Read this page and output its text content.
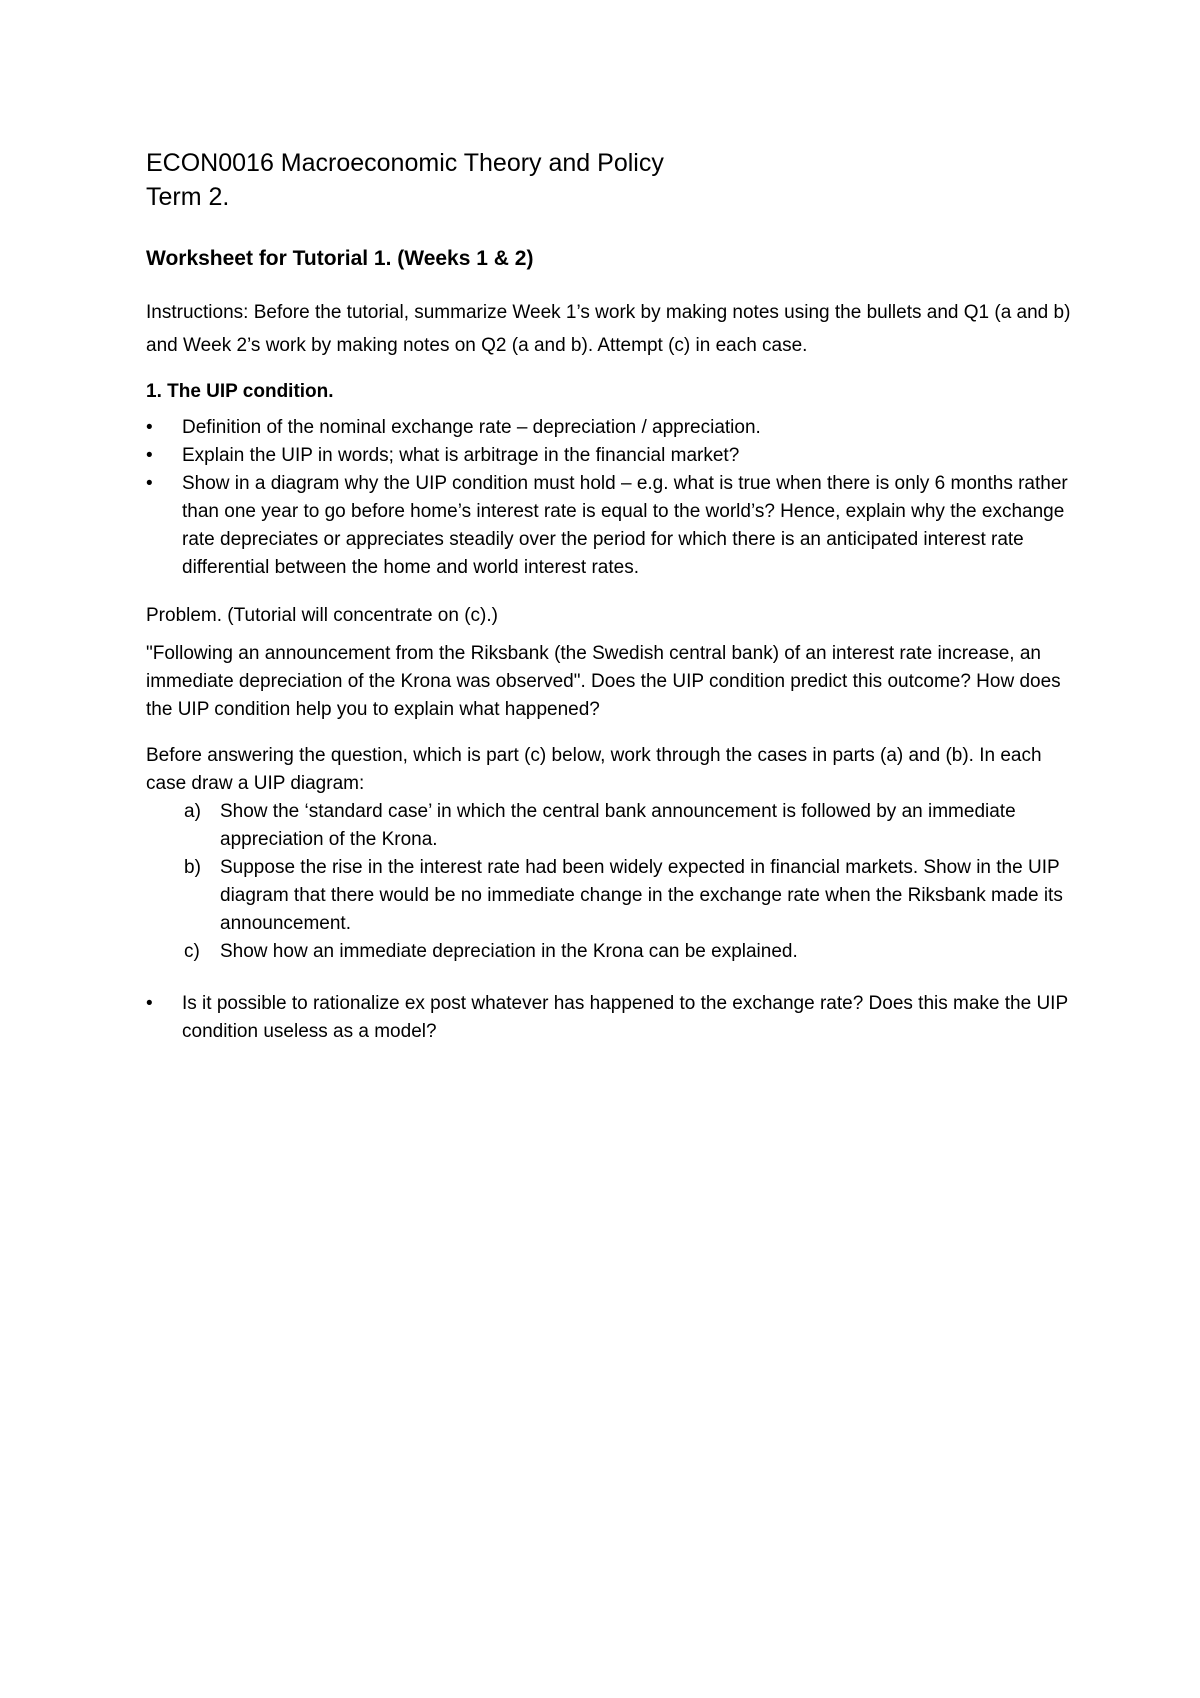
ECON0016 Macroeconomic Theory and Policy

Term 2.

Worksheet for Tutorial 1. (Weeks 1 & 2)

Instructions: Before the tutorial, summarize Week 1’s work by making notes using the bullets and Q1 (a and b) and Week 2’s work by making notes on Q2 (a and b). Attempt (c) in each case.

1. The UIP condition.

•	Definition of the nominal exchange rate – depreciation / appreciation.
•	Explain the UIP in words; what is arbitrage in the financial market?
•	Show in a diagram why the UIP condition must hold – e.g. what is true when there is only 6 months rather than one year to go before home’s interest rate is equal to the world’s? Hence, explain why the exchange rate depreciates or appreciates steadily over the period for which there is an anticipated interest rate differential between the home and world interest rates.

Problem. (Tutorial will concentrate on (c).)

"Following an announcement from the Riksbank (the Swedish central bank) of an interest rate increase, an immediate depreciation of the Krona was observed". Does the UIP condition predict this outcome? How does the UIP condition help you to explain what happened?

Before answering the question, which is part (c) below, work through the cases in parts (a) and (b). In each case draw a UIP diagram:

a) Show the ‘standard case’ in which the central bank announcement is followed by an immediate appreciation of the Krona.
b) Suppose the rise in the interest rate had been widely expected in financial markets. Show in the UIP diagram that there would be no immediate change in the exchange rate when the Riksbank made its announcement.
c) Show how an immediate depreciation in the Krona can be explained.
• Is it possible to rationalize ex post whatever has happened to the exchange rate? Does this make the UIP condition useless as a model?
